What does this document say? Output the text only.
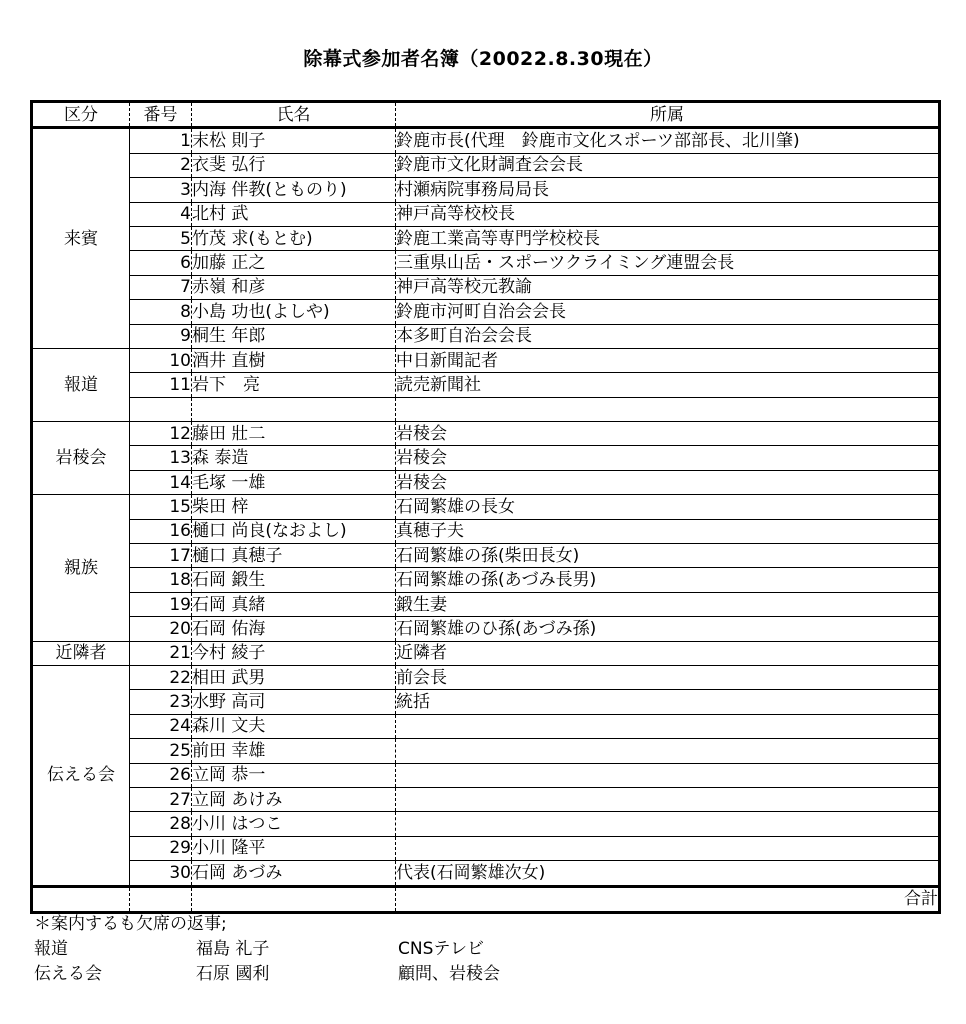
除幕式参加者名簿（20022.8.30現在）
区分	番号	氏名	所属
来賓	1	末松 則子	鈴鹿市長(代理　鈴鹿市文化スポーツ部部長、北川肇)
	2	衣斐 弘行	鈴鹿市文化財調査会会長
	3	内海 伴教(とものり)	村瀬病院事務局局長
	4	北村 武	神戸高等校校長
	5	竹茂 求(もとむ)	鈴鹿工業高等専門学校校長
	6	加藤 正之	三重県山岳・スポーツクライミング連盟会長
	7	赤嶺 和彦	神戸高等校元教諭
	8	小島 功也(よしや)	鈴鹿市河町自治会会長
	9	桐生 年郎	本多町自治会会長
報道	10	酒井 直樹	中日新聞記者
	11	岩下　亮	読売新聞社

岩稜会	12	藤田 壯二	岩稜会
	13	森 泰造	岩稜会
	14	毛塚 一雄	岩稜会
親族	15	柴田 梓	石岡繁雄の長女
	16	樋口 尚良(なおよし)	真穂子夫
	17	樋口 真穂子	石岡繁雄の孫(柴田長女)
	18	石岡 鍛生	石岡繁雄の孫(あづみ長男)
	19	石岡 真緒	鍛生妻
	20	石岡 佑海	石岡繁雄のひ孫(あづみ孫)
近隣者	21	今村 綾子	近隣者
伝える会	22	相田 武男	前会長
	23	水野 高司	統括
	24	森川 文夫	
	25	前田 幸雄	
	26	立岡 恭一	
	27	立岡 あけみ	
	28	小川 はつこ	
	29	小川 隆平	
	30	石岡 あづみ	代表(石岡繁雄次女)
			合計
＊案内するも欠席の返事;
報道	福島 礼子	CNSテレビ
伝える会	石原 國利	顧問、岩稜会
